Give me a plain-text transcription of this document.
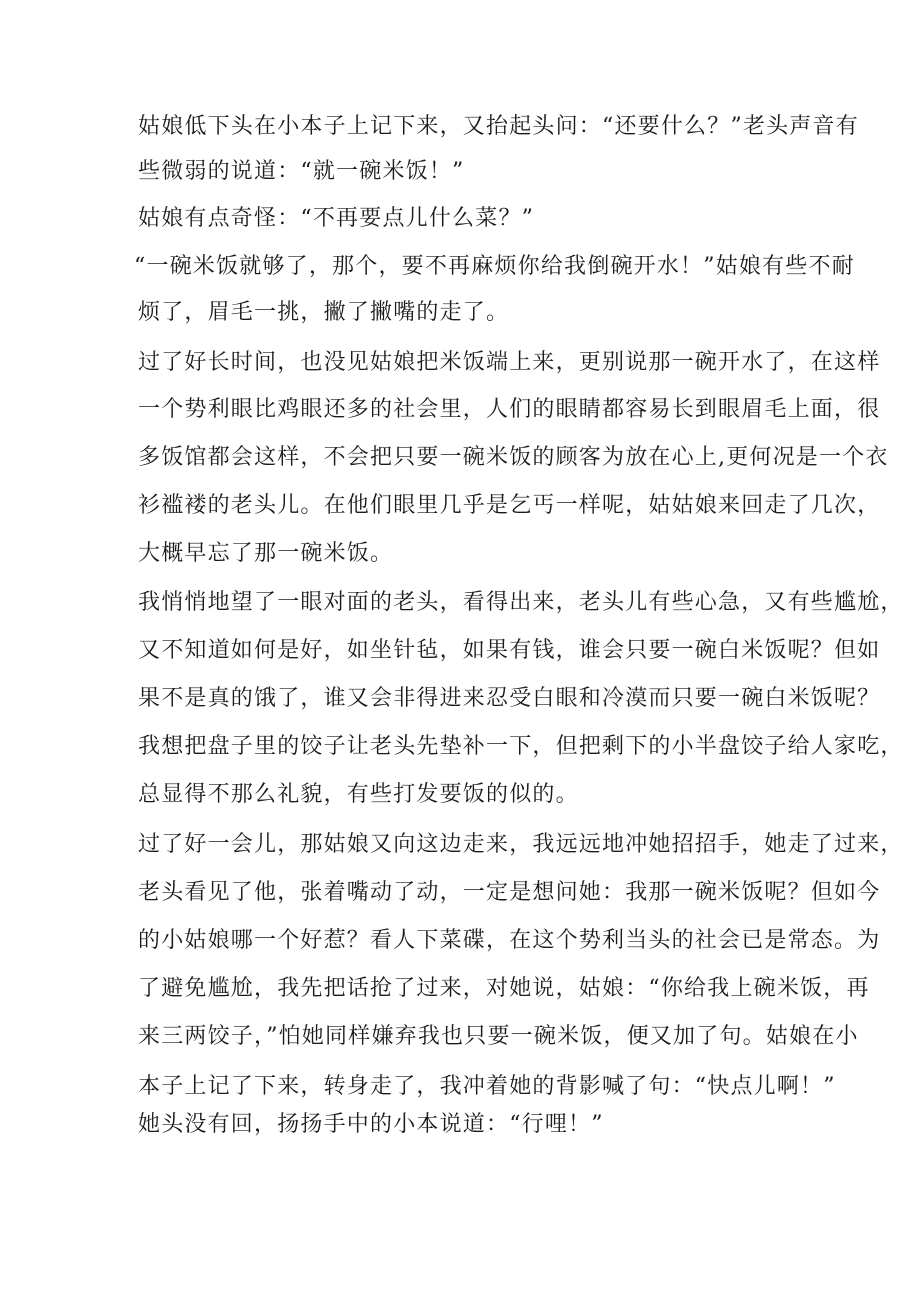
姑娘低下头在小本子上记下来，又抬起头问：“还要什么？”老头声音有
些微弱的说道：“就一碗米饭！”
姑娘有点奇怪：“不再要点儿什么菜？”
“一碗米饭就够了，那个，要不再麻烦你给我倒碗开水！”姑娘有些不耐
烦了，眉毛一挑，撇了撇嘴的走了。
过了好长时间，也没见姑娘把米饭端上来，更别说那一碗开水了，在这样
一个势利眼比鸡眼还多的社会里，人们的眼睛都容易长到眼眉毛上面，很
多饭馆都会这样，不会把只要一碗米饭的顾客为放在心上,更何况是一个衣
衫褴褛的老头儿。在他们眼里几乎是乞丐一样呢，姑姑娘来回走了几次，
大概早忘了那一碗米饭。
我悄悄地望了一眼对面的老头，看得出来，老头儿有些心急，又有些尴尬，
又不知道如何是好，如坐针毡，如果有钱，谁会只要一碗白米饭呢？但如
果不是真的饿了，谁又会非得进来忍受白眼和冷漠而只要一碗白米饭呢？
我想把盘子里的饺子让老头先垫补一下，但把剩下的小半盘饺子给人家吃，
总显得不那么礼貌，有些打发要饭的似的。
过了好一会儿，那姑娘又向这边走来，我远远地冲她招招手，她走了过来，
老头看见了他，张着嘴动了动，一定是想问她：我那一碗米饭呢？但如今
的小姑娘哪一个好惹？看人下菜碟，在这个势利当头的社会已是常态。为
了避免尴尬，我先把话抢了过来，对她说，姑娘：“你给我上碗米饭，再
来三两饺子，”怕她同样嫌弃我也只要一碗米饭，便又加了句。姑娘在小
本子上记了下来，转身走了，我冲着她的背影喊了句：“快点儿啊！”
她头没有回，扬扬手中的小本说道：“行哩！”
